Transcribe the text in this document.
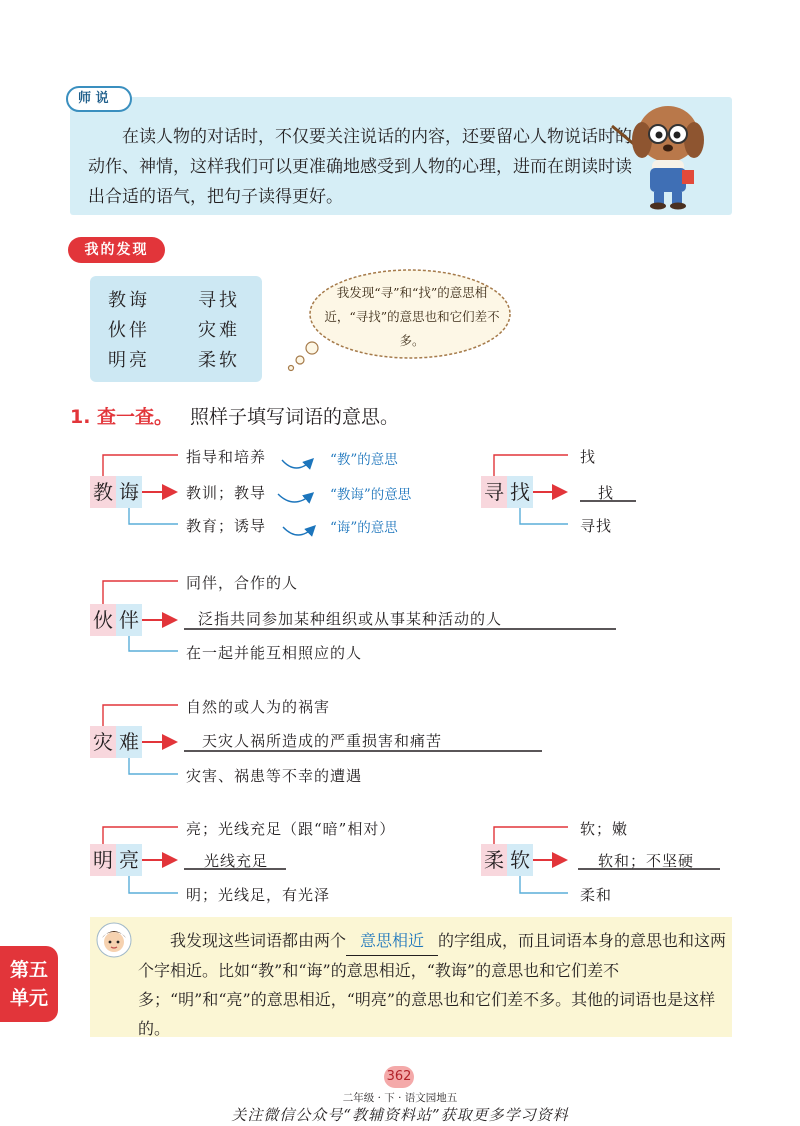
师 说
在读人物的对话时，不仅要关注说话的内容，还要留心人物说话时的动作、神情，这样我们可以更准确地感受到人物的心理，进而在朗读时读出合适的语气，把句子读得更好。
我的发现
教诲	寻找
伙伴	灾难
明亮	柔软
我发现“寻”和“找”的意思相近，“寻找”的意思也和它们差不多。
1. 查一查。 照样子填写词语的意思。
教 诲
指导和培养
教训；教导
教育；诱导
“教”的意思
“教诲”的意思
“诲”的意思
寻 找
找
找
寻找
伙 伴
同伴，合作的人
泛指共同参加某种组织或从事某种活动的人
在一起并能互相照应的人
灾 难
自然的或人为的祸害
天灾人祸所造成的严重损害和痛苦
灾害、祸患等不幸的遭遇
明 亮
亮；光线充足（跟“暗”相对）
光线充足
明；光线足，有光泽
柔 软
软；嫩
软和；不坚硬
柔和
我发现这些词语都由两个 意思相近 的字组成，而且词语本身的意思也和这两个字相近。比如“教”和“诲”的意思相近，“教诲”的意思也和它们差不多；“明”和“亮”的意思相近，“明亮”的意思也和它们差不多。其他的词语也是这样的。
第五
单元
362
二年级 · 下 · 语文园地五
关注微信公众号“教辅资料站”获取更多学习资料
